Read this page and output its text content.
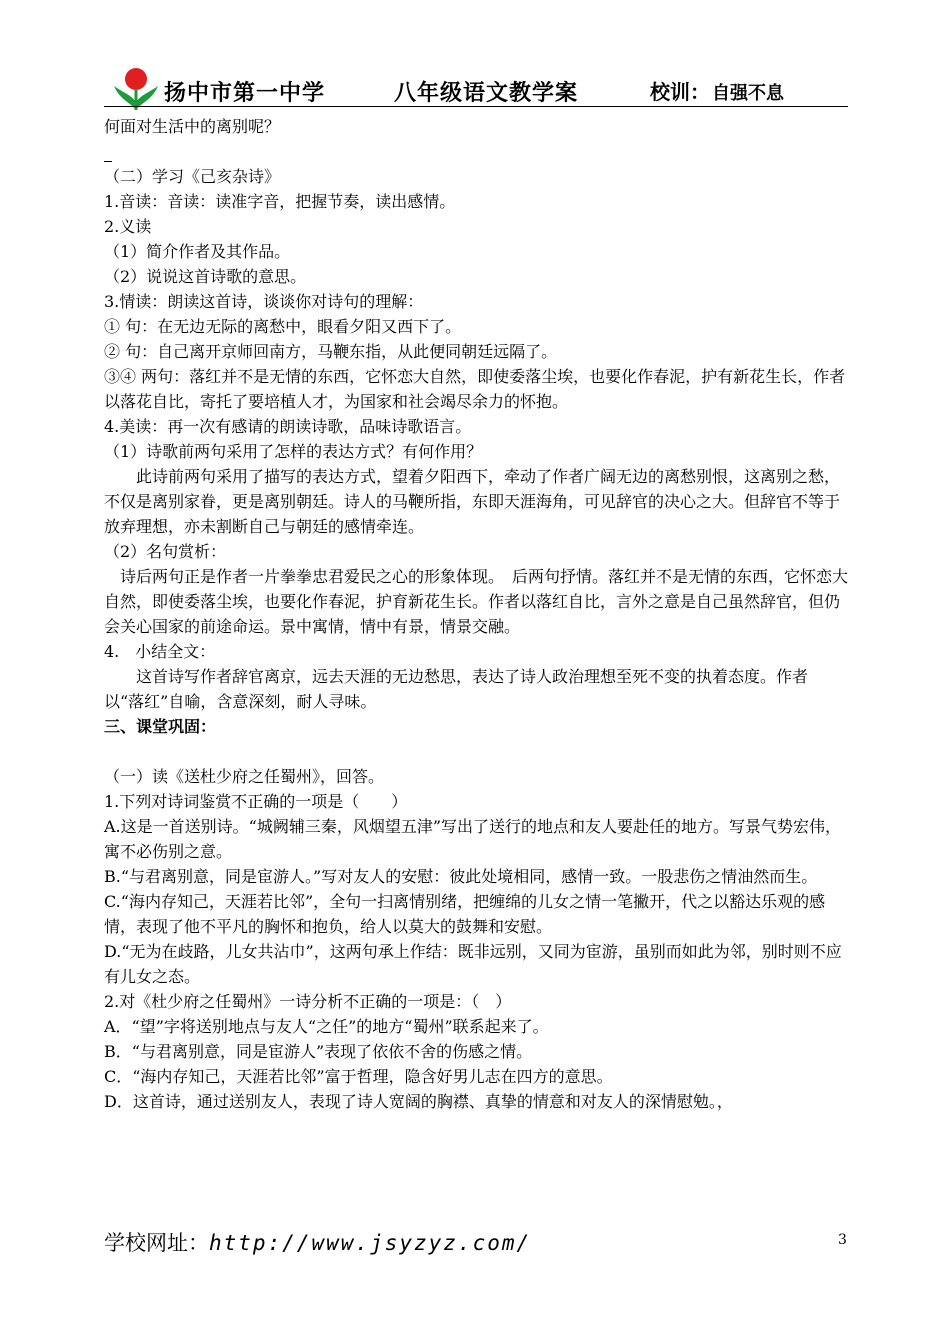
扬中市第一中学	八年级语文教学案	校训： 自强不息

何面对生活中的离别呢？

（二）学习《己亥杂诗》

1.音读：音读：读准字音，把握节奏，读出感情。

2.义读

（1）简介作者及其作品。

（2）说说这首诗歌的意思。

3.情读：朗读这首诗，谈谈你对诗句的理解：

① 句：在无边无际的离愁中，眼看夕阳又西下了。

② 句：自己离开京师回南方，马鞭东指，从此便同朝廷远隔了。

③④ 两句：落红并不是无情的东西，它怀恋大自然，即使委落尘埃，也要化作春泥，护有新花生长，作者以落花自比，寄托了要培植人才，为国家和社会竭尽余力的怀抱。

4.美读：再一次有感请的朗读诗歌，品味诗歌语言。

（1）诗歌前两句采用了怎样的表达方式？有何作用？

此诗前两句采用了描写的表达方式，望着夕阳西下，牵动了作者广阔无边的离愁别恨，这离别之愁，不仅是离别家眷，更是离别朝廷。诗人的马鞭所指，东即天涯海角，可见辞官的决心之大。但辞官不等于放弃理想，亦未割断自己与朝廷的感情牵连。

（2）名句赏析：

诗后两句正是作者一片拳拳忠君爱民之心的形象体现。　后两句抒情。落红并不是无情的东西，它怀恋大自然，即使委落尘埃，也要化作春泥，护育新花生长。作者以落红自比，言外之意是自己虽然辞官，但仍会关心国家的前途命运。景中寓情，情中有景，情景交融。

4.　小结全文：

这首诗写作者辞官离京，远去天涯的无边愁思，表达了诗人政治理想至死不变的执着态度。作者以“落红”自喻，含意深刻，耐人寻味。

三、课堂巩固：

（一）读《送杜少府之任蜀州》，回答。

1.下列对诗词鉴赏不正确的一项是（　　）

A.这是一首送别诗。“城阙辅三秦，风烟望五津”写出了送行的地点和友人要赴任的地方。写景气势宏伟，寓不必伤别之意。

B.“与君离别意，同是宦游人。”写对友人的安慰：彼此处境相同，感情一致。一股悲伤之情油然而生。

C.“海内存知己，天涯若比邻”，全句一扫离情别绪，把缠绵的儿女之情一笔撇开，代之以豁达乐观的感情，表现了他不平凡的胸怀和抱负，给人以莫大的鼓舞和安慰。

D.“无为在歧路，儿女共沾巾”，这两句承上作结：既非远别，又同为宦游，虽别而如此为邻，别时则不应有儿女之态。

2.对《杜少府之任蜀州》一诗分析不正确的一项是：（　）

A．“望”字将送别地点与友人“之任”的地方“蜀州”联系起来了。

B．“与君离别意，同是宦游人”表现了依依不舍的伤感之情。

C．“海内存知己，天涯若比邻”富于哲理，隐含好男儿志在四方的意思。

D．这首诗，通过送别友人，表现了诗人宽阔的胸襟、真挚的情意和对友人的深情慰勉。，

学校网址：http://www.jsyzyz.com/	3
